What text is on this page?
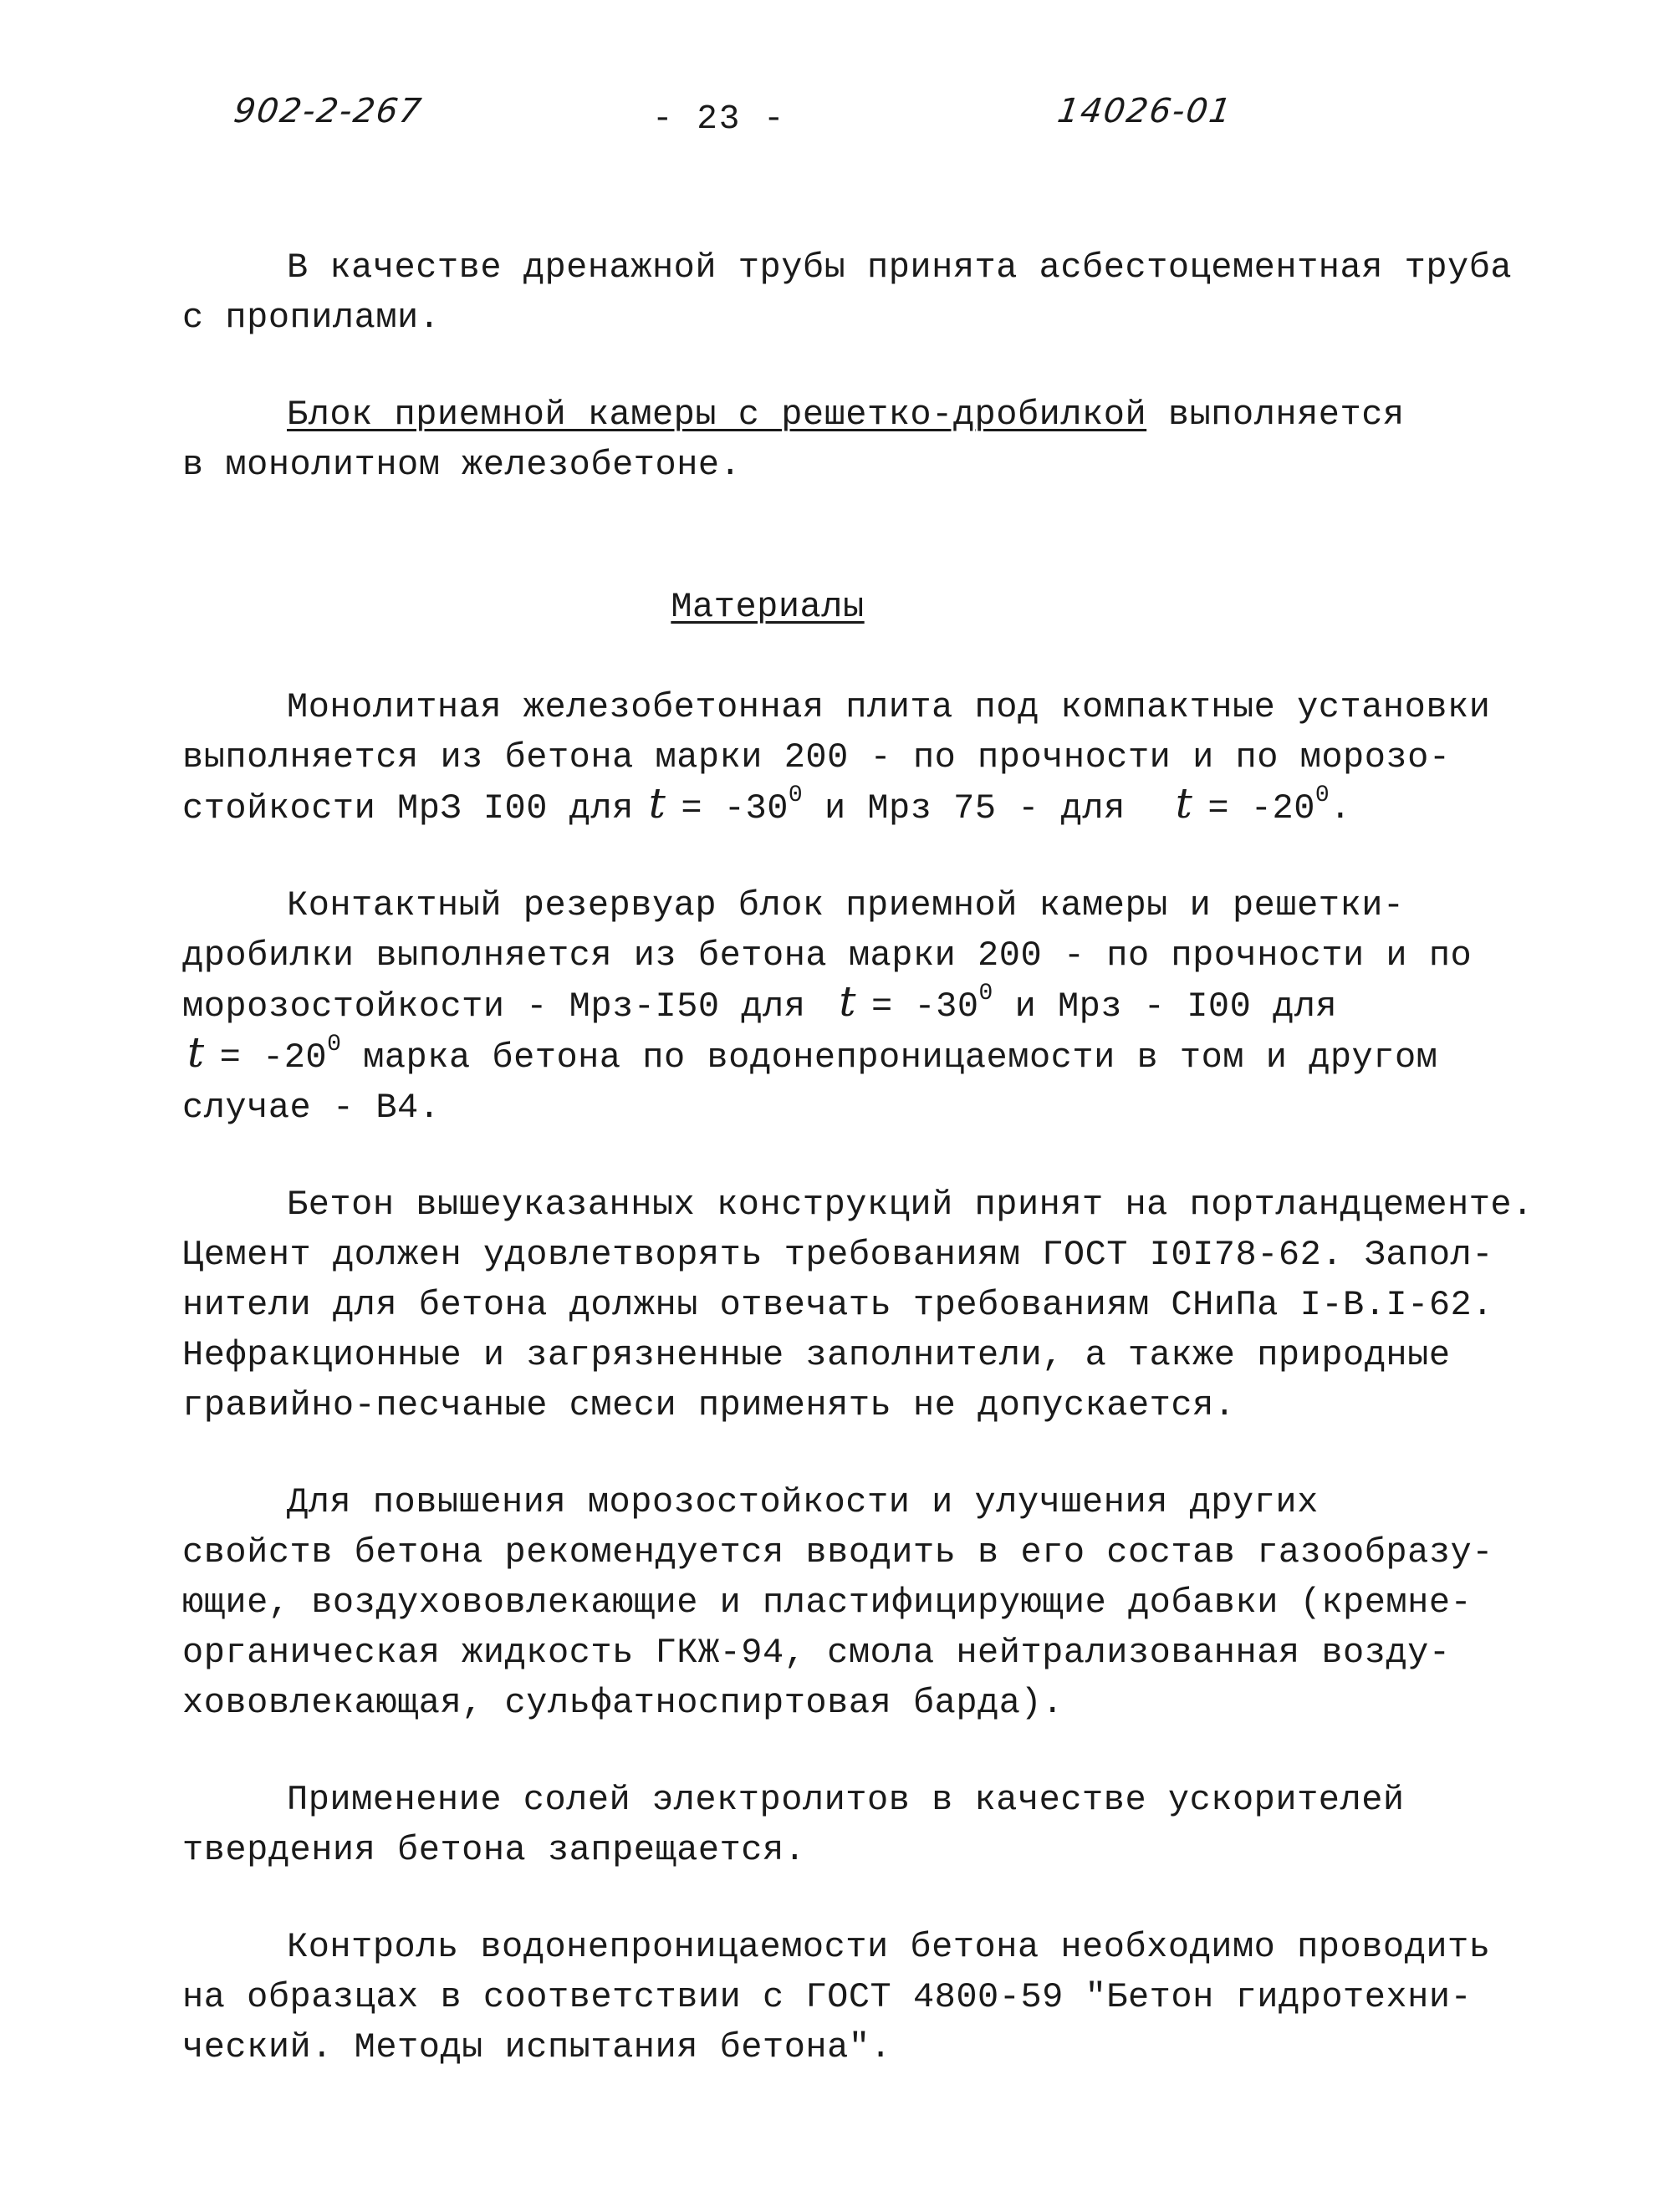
902-2-267	- 23 -	14026-01
В качестве дренажной трубы принята асбестоцементная труба
с пропилами.
Блок приемной камеры с решетко-дробилкой выполняется
в монолитном железобетоне.
Материалы
Монолитная железобетонная плита под компактные установки
выполняется из бетона марки 200 - по прочности и по морозо-
стойкости МрЗ I00 для $t = -30^0$ и Мрз 75 - для $t = -20^0$.
Контактный резервуар блок приемной камеры и решетки-
дробилки выполняется из бетона марки 200 - по прочности и по
морозостойкости - Мрз-I50 для $t = -30^0$ и Мрз - I00 для
$t = -20^0$ марка бетона по водонепроницаемости в том и другом
случае - В4.
Бетон вышеуказанных конструкций принят на портландцементе.
Цемент должен удовлетворять требованиям ГОСТ I0I78-62. Запол-
нители для бетона должны отвечать требованиям СНиПа I-В.I-62.
Нефракционные и загрязненные заполнители, а также природные
гравийно-песчаные смеси применять не допускается.
Для повышения морозостойкости и улучшения других
свойств бетона рекомендуется вводить в его состав газообразу-
ющие, воздухововлекающие и пластифицирующие добавки (кремне-
органическая жидкость ГКЖ-94, смола нейтрализованная возду-
хововлекающая, сульфатноспиртовая барда).
Применение солей электролитов в качестве ускорителей
твердения бетона запрещается.
Контроль водонепроницаемости бетона необходимо проводить
на образцах в соответствии с ГОСТ 4800-59 "Бетон гидротехни-
ческий. Методы испытания бетона".
